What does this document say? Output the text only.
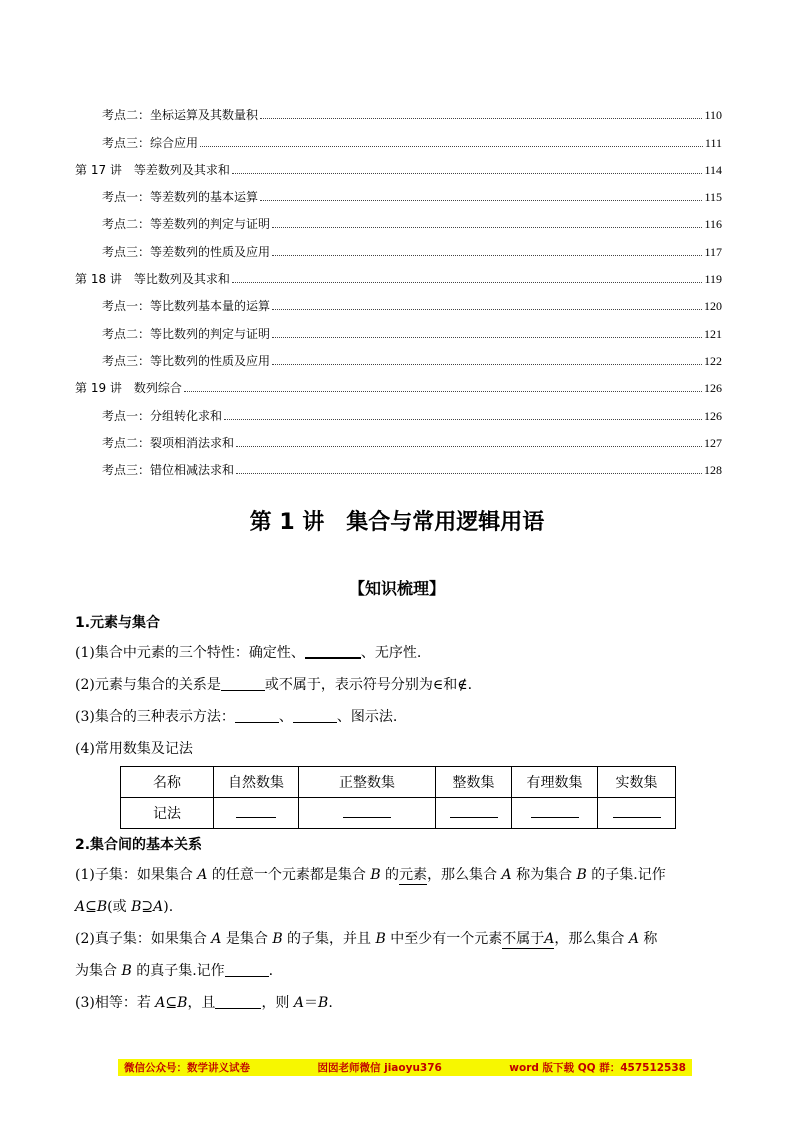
考点二：坐标运算及其数量积	110
考点三：综合应用	111
第 17 讲　等差数列及其求和	114
考点一：等差数列的基本运算	115
考点二：等差数列的判定与证明	116
考点三：等差数列的性质及应用	117
第 18 讲　等比数列及其求和	119
考点一：等比数列基本量的运算	120
考点二：等比数列的判定与证明	121
考点三：等比数列的性质及应用	122
第 19 讲　数列综合	126
考点一：分组转化求和	126
考点二：裂项相消法求和	127
考点三：错位相减法求和	128
第 1 讲　集合与常用逻辑用语
【知识梳理】
1.元素与集合
(1)集合中元素的三个特性：确定性、	、无序性.
(2)元素与集合的关系是	或不属于，表示符号分别为∈和∉.
(3)集合的三种表示方法：	、	、图示法.
(4)常用数集及记法
名称	自然数集	正整数集	整数集	有理数集	实数集
记法					
2.集合间的基本关系
(1)子集：如果集合 A 的任意一个元素都是集合 B 的元素，那么集合 A 称为集合 B 的子集.记作
A⊆B(或 B⊇A).
(2)真子集：如果集合 A 是集合 B 的子集，并且 B 中至少有一个元素不属于A，那么集合 A 称
为集合 B 的真子集.记作	.
(3)相等：若 A⊆B，且	，则 A＝B.
微信公众号：数学讲义试卷	囡囡老师微信 jiaoyu376	word 版下载 QQ 群：457512538
